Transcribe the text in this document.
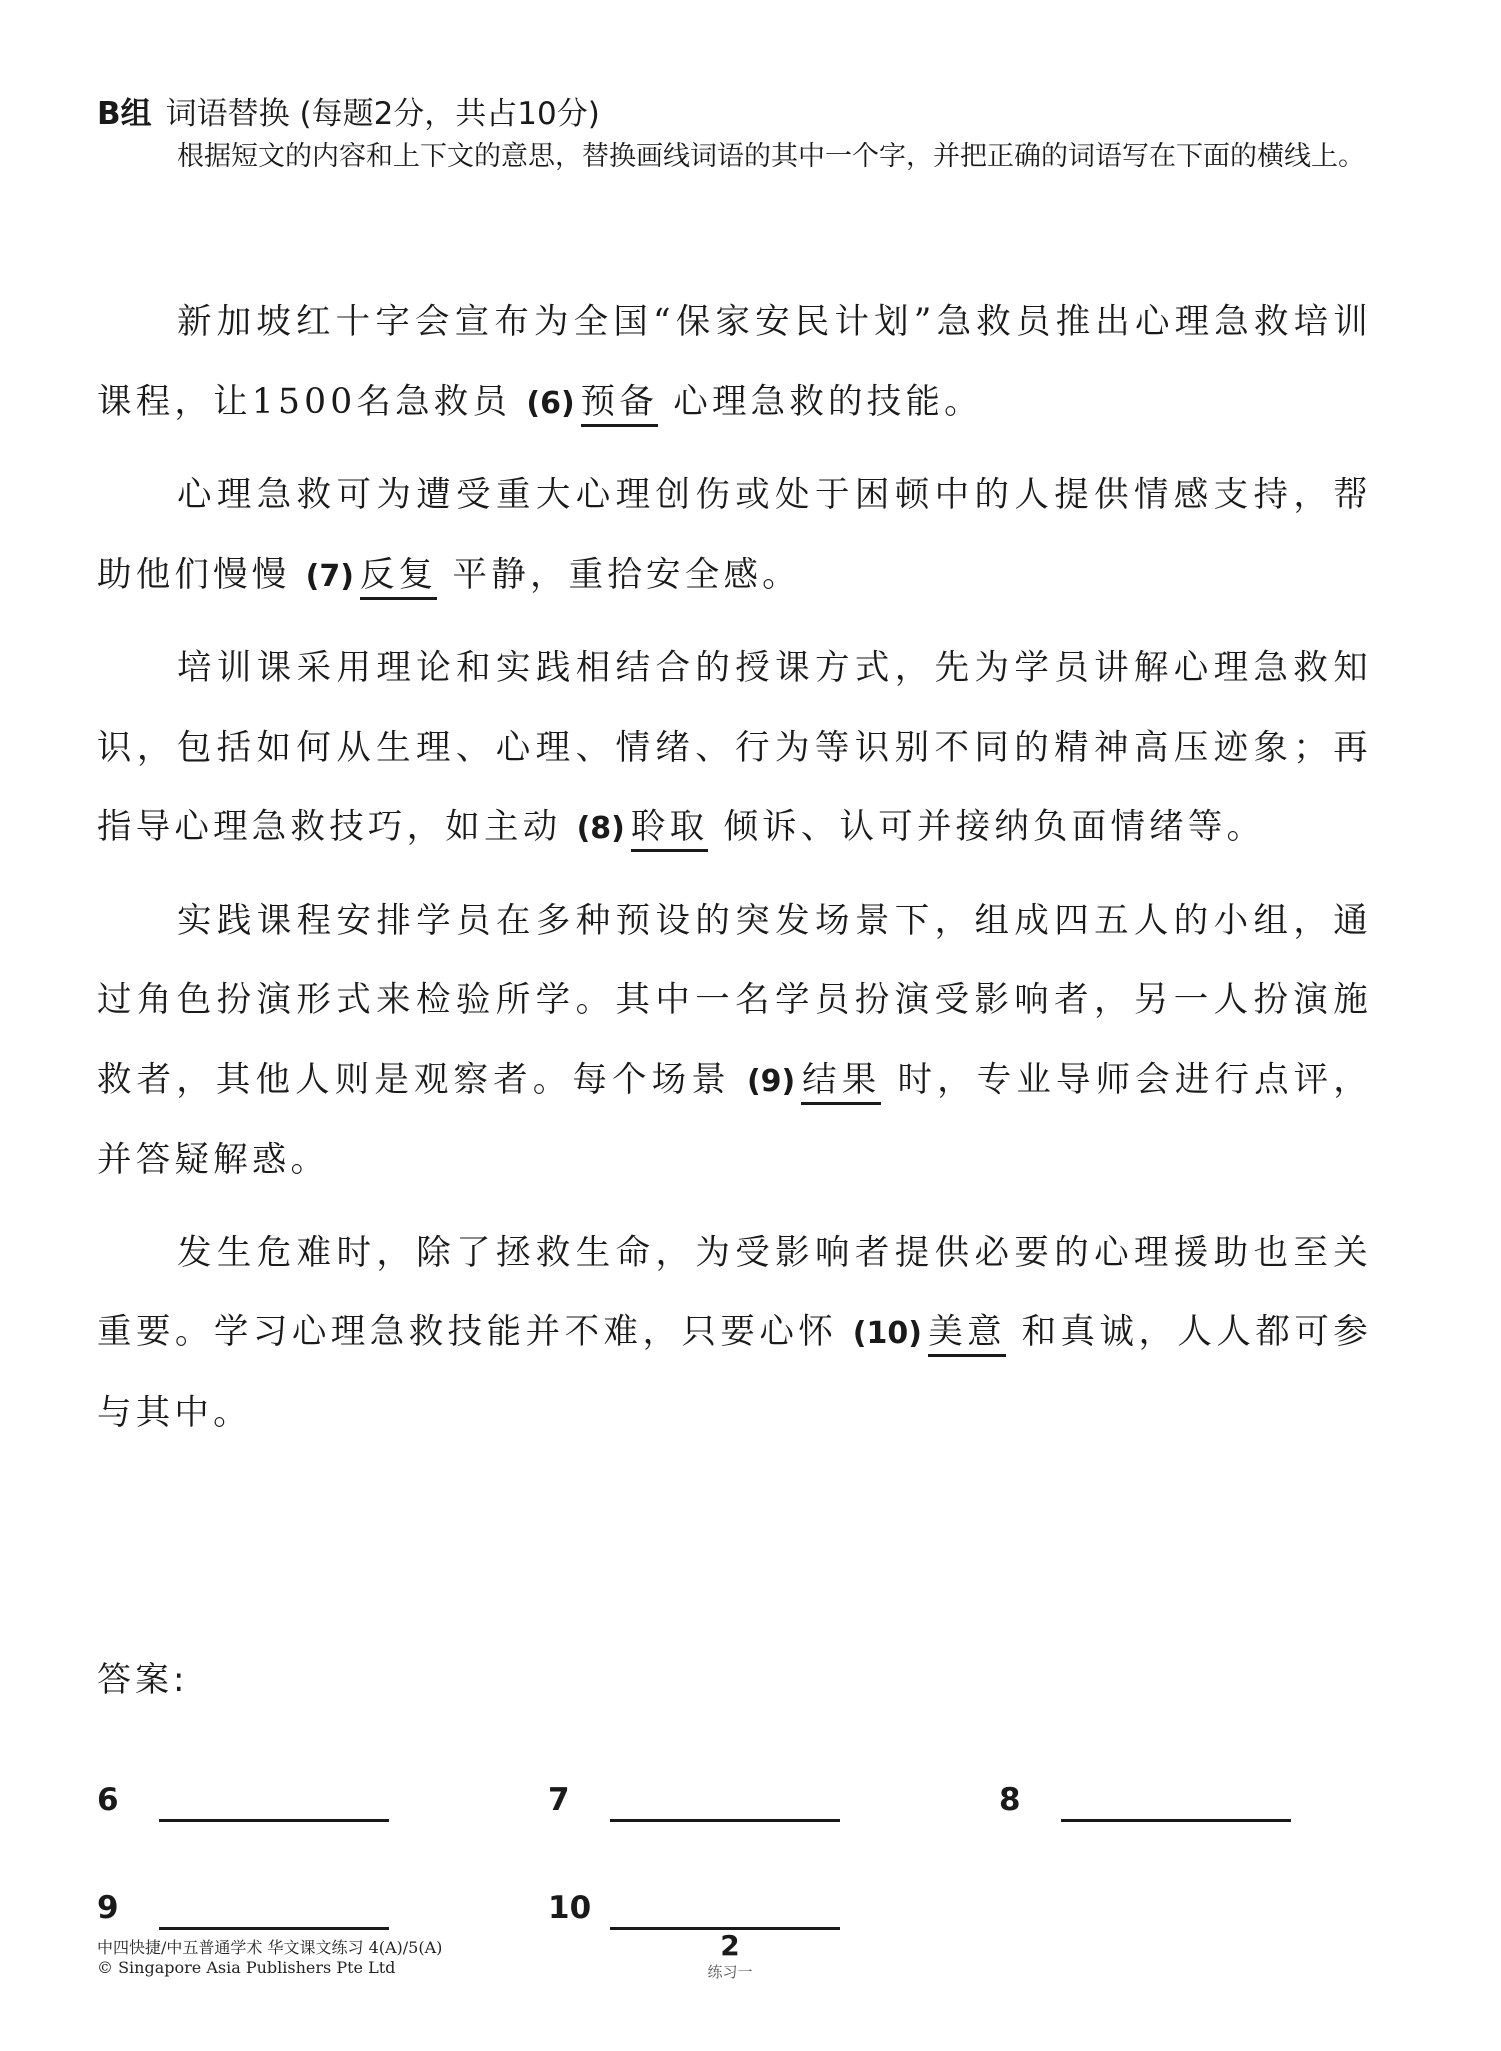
B组 词语替换 (每题2分，共占10分)
根据短文的内容和上下文的意思，替换画线词语的其中一个字，并把正确的词语写在下面的横线上。

新加坡红十字会宣布为全国“保家安民计划”急救员推出心理急救培训课程，让1500名急救员 (6) 预备 心理急救的技能。

心理急救可为遭受重大心理创伤或处于困顿中的人提供情感支持，帮助他们慢慢 (7) 反复 平静，重拾安全感。

培训课采用理论和实践相结合的授课方式，先为学员讲解心理急救知识，包括如何从生理、心理、情绪、行为等识别不同的精神高压迹象；再指导心理急救技巧，如主动 (8) 聆取 倾诉、认可并接纳负面情绪等。

实践课程安排学员在多种预设的突发场景下，组成四五人的小组，通过角色扮演形式来检验所学。其中一名学员扮演受影响者，另一人扮演施救者，其他人则是观察者。每个场景 (9) 结果 时，专业导师会进行点评，并答疑解惑。

发生危难时，除了拯救生命，为受影响者提供必要的心理援助也至关重要。学习心理急救技能并不难，只要心怀 (10) 美意 和真诚，人人都可参与其中。

答案:
6	7	8
9	10
中四快捷/中五普通学术 华文课文练习 4(A)/5(A)
© Singapore Asia Publishers Pte Ltd
2
练习一
